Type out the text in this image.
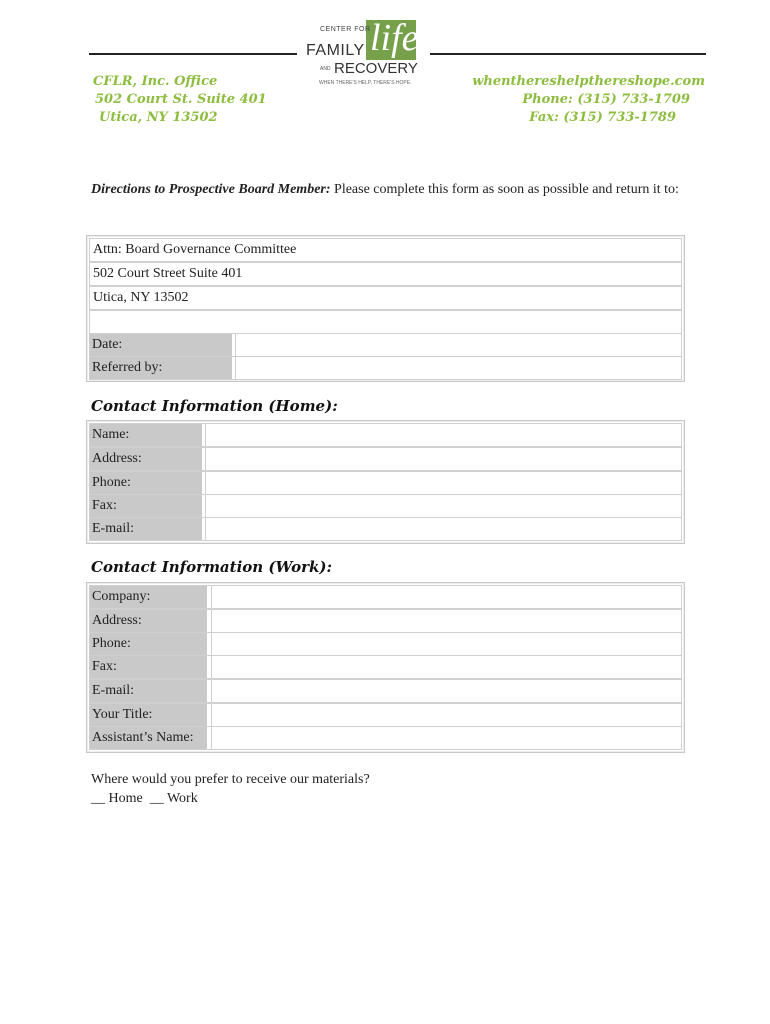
life
CENTER FOR
FAMILY
AND RECOVERY
WHEN THERE'S HELP, THERE'S HOPE.
CFLR, Inc. Office
502 Court St. Suite 401
Utica, NY 13502
whentheres​helpthereshope.com
Phone: (315) 733-1709
Fax: (315) 733-1789
Directions to Prospective Board Member: Please complete this form as soon as possible and return it to:
Attn: Board Governance Committee
502 Court Street Suite 401
Utica, NY 13502
Date:
Referred by:
Contact Information (Home):
Name:
Address:
Phone:
Fax:
E-mail:
Contact Information (Work):
Company:
Address:
Phone:
Fax:
E-mail:
Your Title:
Assistant’s Name:
Where would you prefer to receive our materials?
__ Home  __ Work
